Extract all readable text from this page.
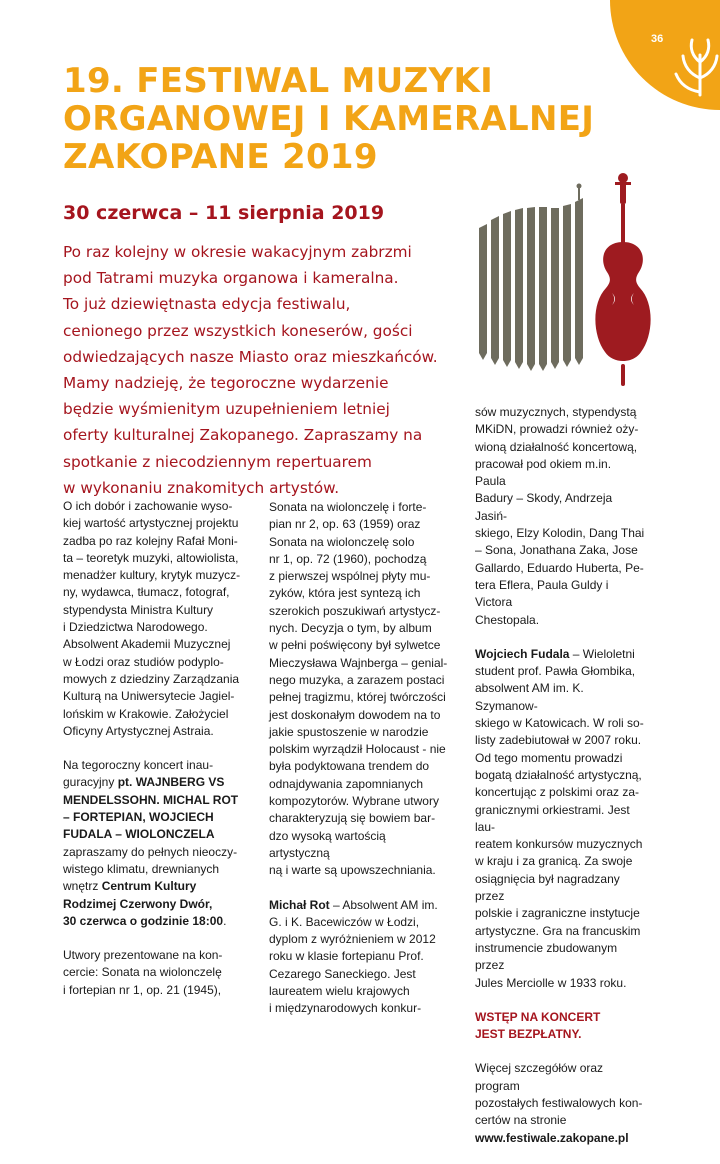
36
19. FESTIWAL MUZYKI
ORGANOWEJ I KAMERALNEJ
ZAKOPANE 2019
30 czerwca – 11 sierpnia 2019

Po raz kolejny w okresie wakacyjnym zabrzmi
pod Tatrami muzyka organowa i kameralna.
To już dziewiętnasta edycja festiwalu,
cenionego przez wszystkich koneserów, gości
odwiedzających nasze Miasto oraz mieszkańców.
Mamy nadzieję, że tegoroczne wydarzenie
będzie wyśmienitym uzupełnieniem letniej
oferty kulturalnej Zakopanego. Zapraszamy na
spotkanie z niecodziennym repertuarem
w wykonaniu znakomitych artystów.

O ich dobór i zachowanie wyso-
kiej wartość artystycznej projektu
zadba po raz kolejny Rafał Moni-
ta – teoretyk muzyki, altowiolista,
menadżer kultury, krytyk muzycz-
ny, wydawca, tłumacz, fotograf,
stypendysta Ministra Kultury
i Dziedzictwa Narodowego.
Absolwent Akademii Muzycznej
w Łodzi oraz studiów podyplo-
mowych z dziedziny Zarządzania
Kulturą na Uniwersytecie Jagiel-
lońskim w Krakowie. Założyciel
Oficyny Artystycznej Astraia.

Na tegoroczny koncert inau-
guracyjny pt. WAJNBERG VS
MENDELSSOHN. MICHAL ROT
– FORTEPIAN, WOJCIECH
FUDALA – WIOLONCZELA
zapraszamy do pełnych nieoczy-
wistego klimatu, drewnianych
wnętrz Centrum Kultury
Rodzimej Czerwony Dwór,
30 czerwca o godzinie 18:00.

Utwory prezentowane na kon-
cercie: Sonata na wiolonczelę
i fortepian nr 1, op. 21 (1945),

Sonata na wiolonczelę i forte-
pian nr 2, op. 63 (1959) oraz
Sonata na wiolonczelę solo
nr 1, op. 72 (1960), pochodzą
z pierwszej wspólnej płyty mu-
zyków, która jest syntezą ich
szerokich poszukiwań artystycz-
nych. Decyzja o tym, by album
w pełni poświęcony był sylwetce
Mieczysława Wajnberga – genial-
nego muzyka, a zarazem postaci
pełnej tragizmu, której twórczości
jest doskonałym dowodem na to
jakie spustoszenie w narodzie
polskim wyrządził Holocaust - nie
była podyktowana trendem do
odnajdywania zapomnianych
kompozytorów. Wybrane utwory
charakteryzują się bowiem bar-
dzo wysoką wartością artystyczną
ną i warte są upowszechniania.

Michał Rot – Absolwent AM im.
G. i K. Bacewiczów w Łodzi,
dyplom z wyróżnieniem w 2012
roku w klasie fortepianu Prof.
Cezarego Saneckiego. Jest
laureatem wielu krajowych
i międzynarodowych konkur-

sów muzycznych, stypendystą
MKiDN, prowadzi również oży-
wioną działalność koncertową,
pracował pod okiem m.in. Paula
Badury – Skody, Andrzeja Jasiń-
skiego, Elzy Kolodin, Dang Thai
– Sona, Jonathana Zaka, Jose
Gallardo, Eduardo Huberta, Pe-
tera Eflera, Paula Guldy i Victora
Chestopala.

Wojciech Fudala – Wieloletni
student prof. Pawła Głombika,
absolwent AM im. K. Szymanow-
skiego w Katowicach. W roli so-
listy zadebiutował w 2007 roku.
Od tego momentu prowadzi
bogatą działalność artystyczną,
koncertując z polskimi oraz za-
granicznymi orkiestrami. Jest lau-
reatem konkursów muzycznych
w kraju i za granicą. Za swoje
osiągnięcia był nagradzany przez
polskie i zagraniczne instytucje
artystyczne. Gra na francuskim
instrumencie zbudowanym przez
Jules Merciolle w 1933 roku.

WSTĘP NA KONCERT
JEST BEZPŁATNY.

Więcej szczegółów oraz program
pozostałych festiwalowych kon-
certów na stronie
www.festiwale.zakopane.pl
